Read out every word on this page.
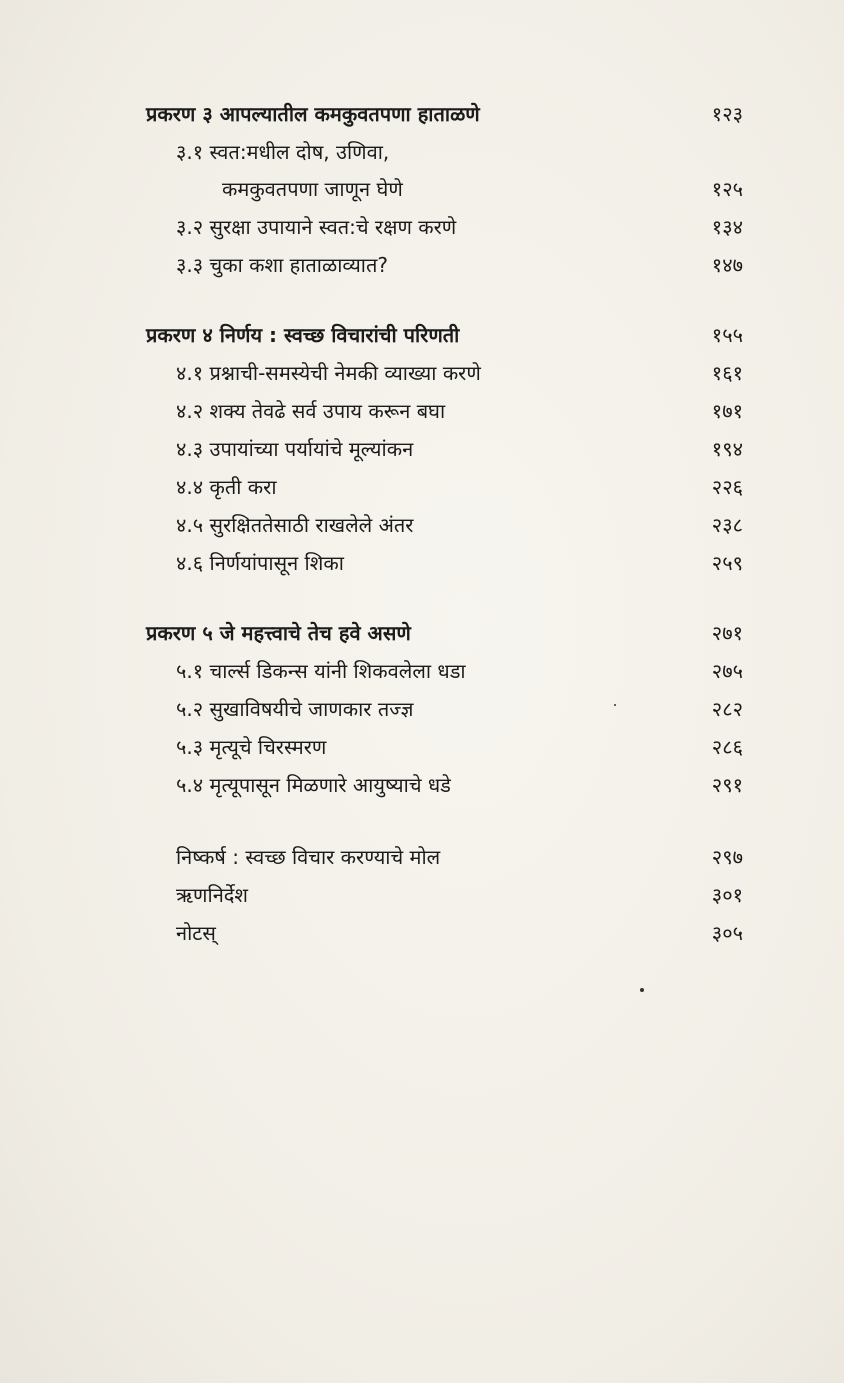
प्रकरण ३ आपल्यातील कमकुवतपणा हाताळणे	१२३
३.१ स्वत:मधील दोष, उणिवा,
कमकुवतपणा जाणून घेणे	१२५
३.२ सुरक्षा उपायाने स्वत:चे रक्षण करणे	१३४
३.३ चुका कशा हाताळाव्यात?	१४७
प्रकरण ४ निर्णय : स्वच्छ विचारांची परिणती	१५५
४.१ प्रश्नाची-समस्येची नेमकी व्याख्या करणे	१६१
४.२ शक्य तेवढे सर्व उपाय करून बघा	१७१
४.३ उपायांच्या पर्यायांचे मूल्यांकन	१९४
४.४ कृती करा	२२६
४.५ सुरक्षिततेसाठी राखलेले अंतर	२३८
४.६ निर्णयांपासून शिका	२५९
प्रकरण ५ जे महत्त्वाचे तेच हवे असणे	२७१
५.१ चार्ल्स डिकन्स यांनी शिकवलेला धडा	२७५
५.२ सुखाविषयीचे जाणकार तज्ज्ञ	२८२
५.३ मृत्यूचे चिरस्मरण	२८६
५.४ मृत्यूपासून मिळणारे आयुष्याचे धडे	२९१
निष्कर्ष : स्वच्छ विचार करण्याचे मोल	२९७
ऋणनिर्देश	३०१
नोटस्	३०५
